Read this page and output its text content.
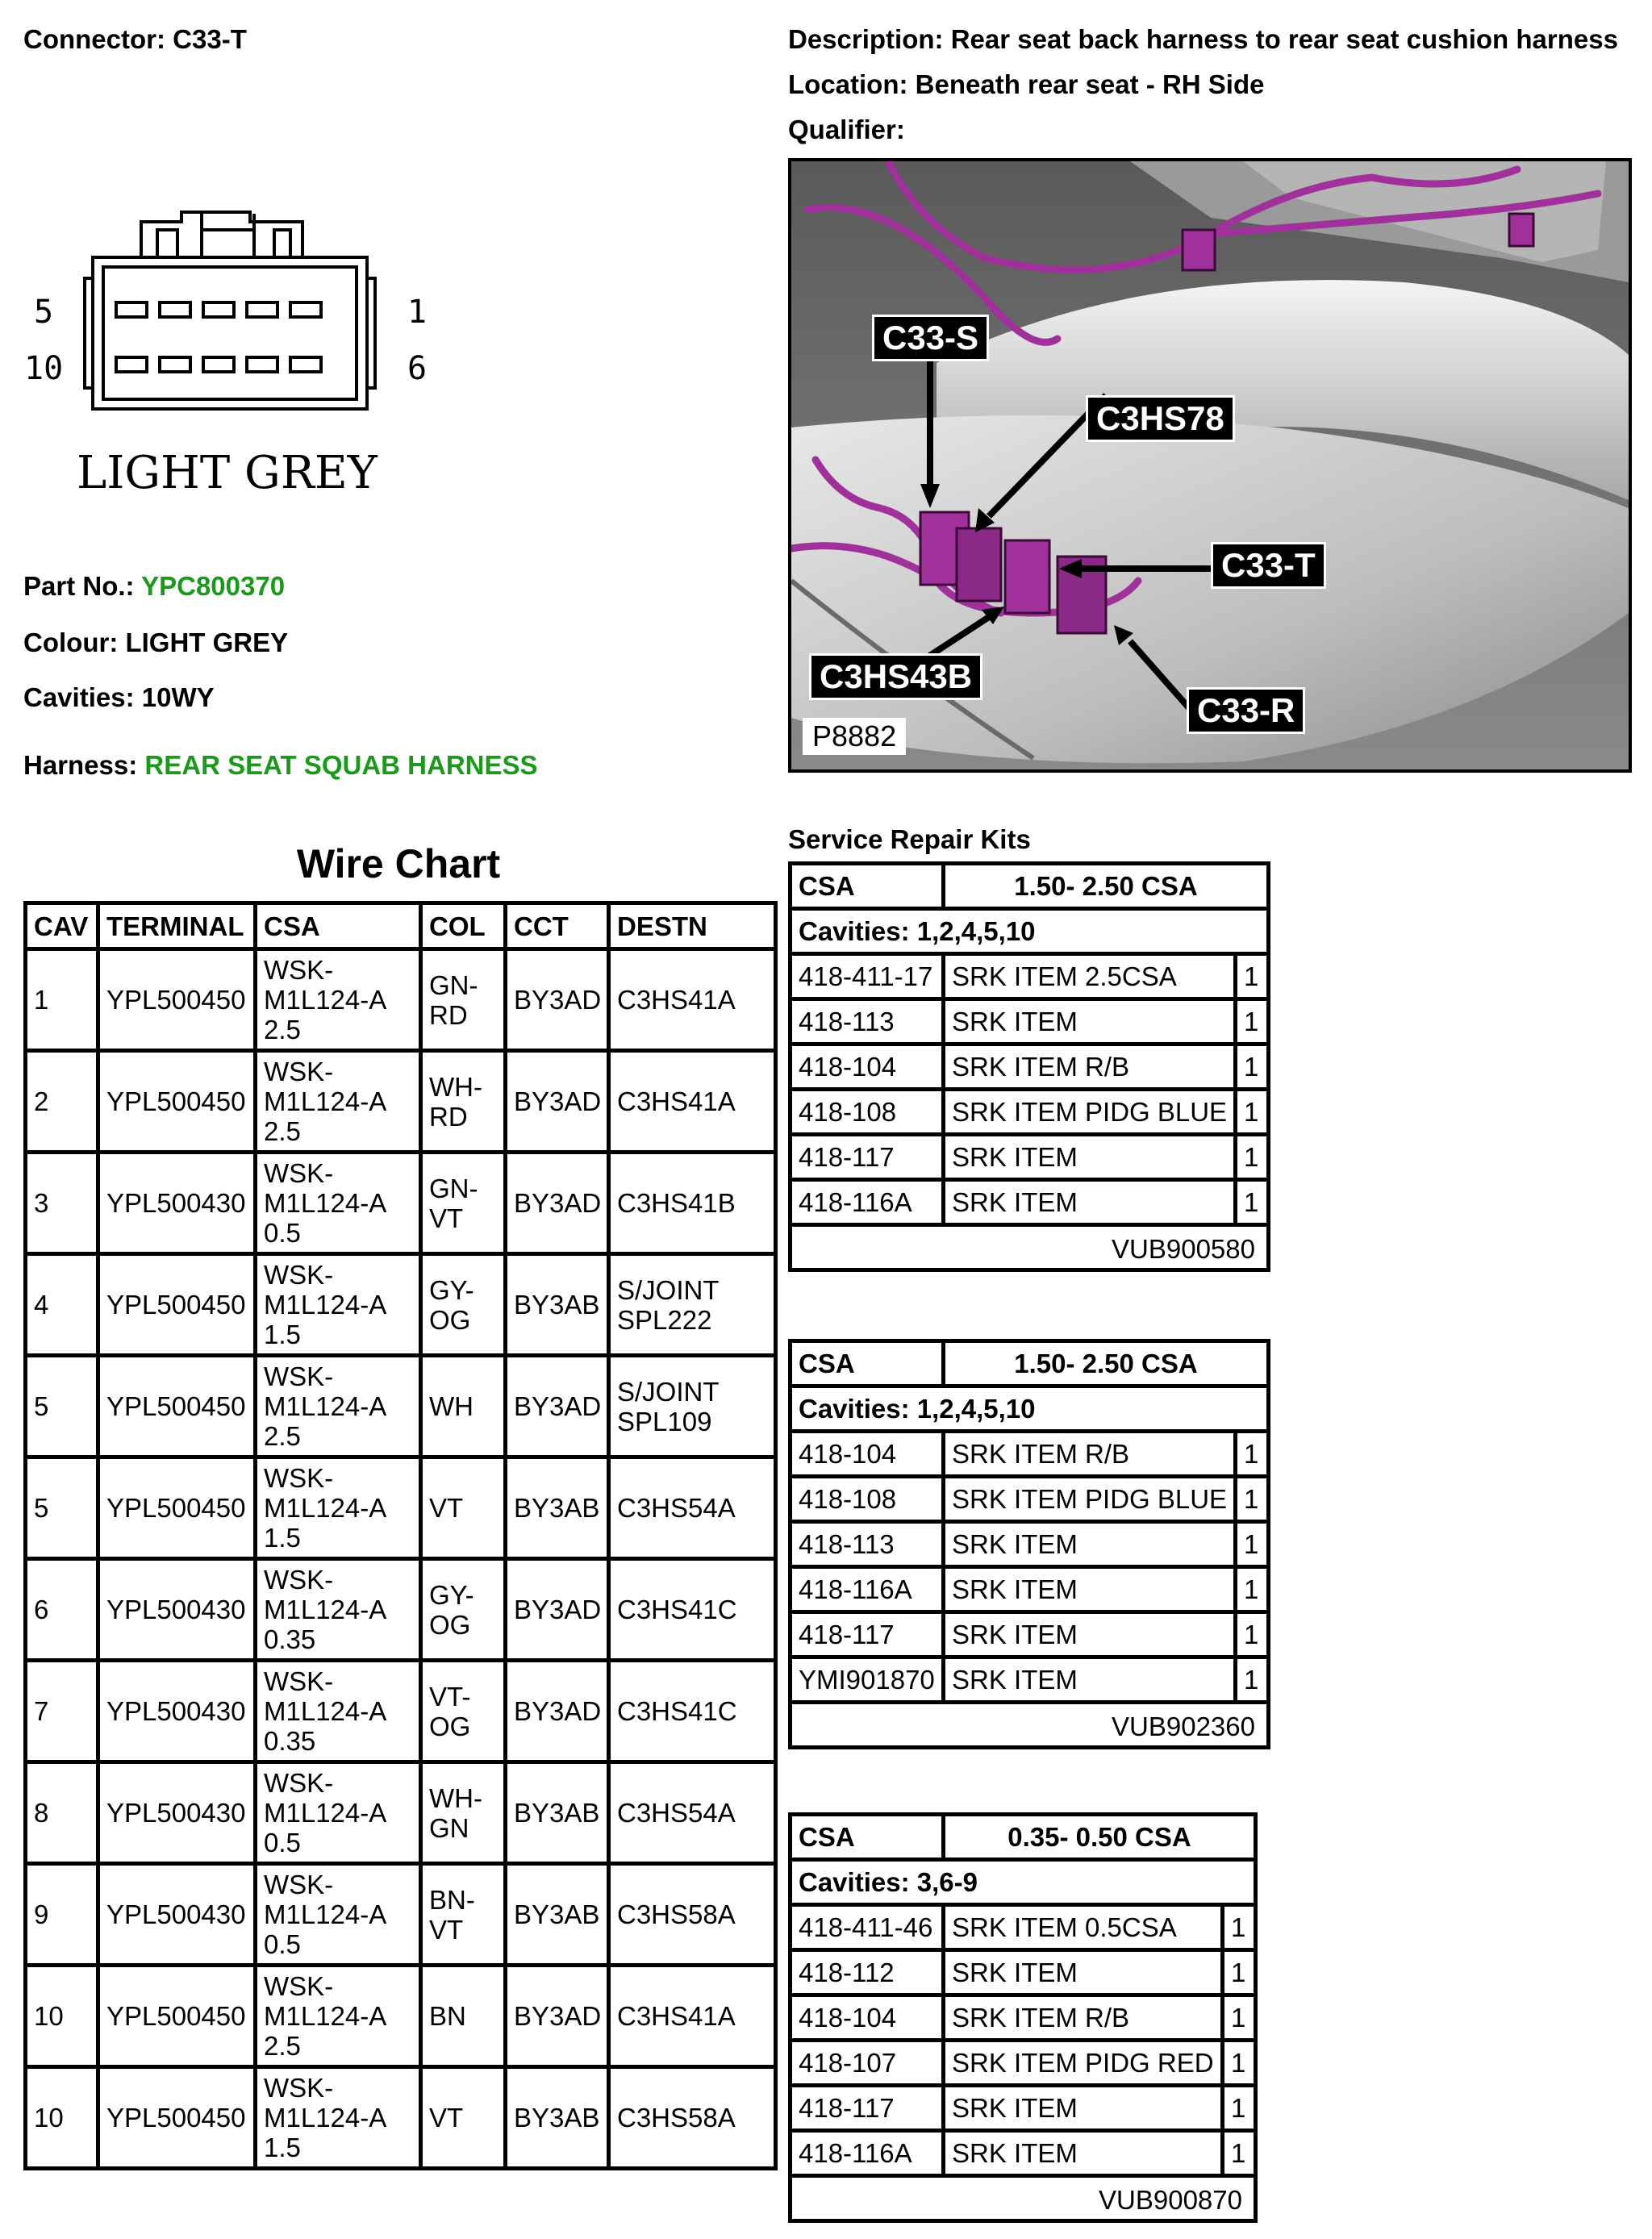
Connector: C33-T	Description: Rear seat back harness to rear seat cushion harness
Location: Beneath rear seat - RH Side
Qualifier:
5
10
1
6
LIGHT GREY
Part No.: YPC800370
Colour: LIGHT GREY
Cavities: 10WY
Harness: REAR SEAT SQUAB HARNESS
C33-S
C3HS78
C33-T
C3HS43B
C33-R
P8882
Wire Chart
CAV	TERMINAL	CSA	COL	CCT	DESTN
1	YPL500450	WSK-
M1L124-A
2.5	GN-
RD	BY3AD	C3HS41A
2	YPL500450	WSK-
M1L124-A
2.5	WH-
RD	BY3AD	C3HS41A
3	YPL500430	WSK-
M1L124-A
0.5	GN-
VT	BY3AD	C3HS41B
4	YPL500450	WSK-
M1L124-A
1.5	GY-
OG	BY3AB	S/JOINT
SPL222
5	YPL500450	WSK-
M1L124-A
2.5	WH	BY3AD	S/JOINT
SPL109
5	YPL500450	WSK-
M1L124-A
1.5	VT	BY3AB	C3HS54A
6	YPL500430	WSK-
M1L124-A
0.35	GY-
OG	BY3AD	C3HS41C
7	YPL500430	WSK-
M1L124-A
0.35	VT-
OG	BY3AD	C3HS41C
8	YPL500430	WSK-
M1L124-A
0.5	WH-
GN	BY3AB	C3HS54A
9	YPL500430	WSK-
M1L124-A
0.5	BN-
VT	BY3AB	C3HS58A
10	YPL500450	WSK-
M1L124-A
2.5	BN	BY3AD	C3HS41A
10	YPL500450	WSK-
M1L124-A
1.5	VT	BY3AB	C3HS58A
Service Repair Kits
CSA	1.50- 2.50 CSA
Cavities: 1,2,4,5,10
418-411-17 SRK ITEM 2.5CSA	1
418-113	SRK ITEM	1
418-104	SRK ITEM R/B	1
418-108	SRK ITEM PIDG BLUE 1
418-117	SRK ITEM	1
418-116A	SRK ITEM	1
VUB900580
CSA	1.50- 2.50 CSA
Cavities: 1,2,4,5,10
418-104	SRK ITEM R/B	1
418-108	SRK ITEM PIDG BLUE 1
418-113	SRK ITEM	1
418-116A	SRK ITEM	1
418-117	SRK ITEM	1
YMI901870 SRK ITEM	1
VUB902360
CSA	0.35- 0.50 CSA
Cavities: 3,6-9
418-411-46 SRK ITEM 0.5CSA	1
418-112	SRK ITEM	1
418-104	SRK ITEM R/B	1
418-107	SRK ITEM PIDG RED 1
418-117	SRK ITEM	1
418-116A	SRK ITEM	1
VUB900870
